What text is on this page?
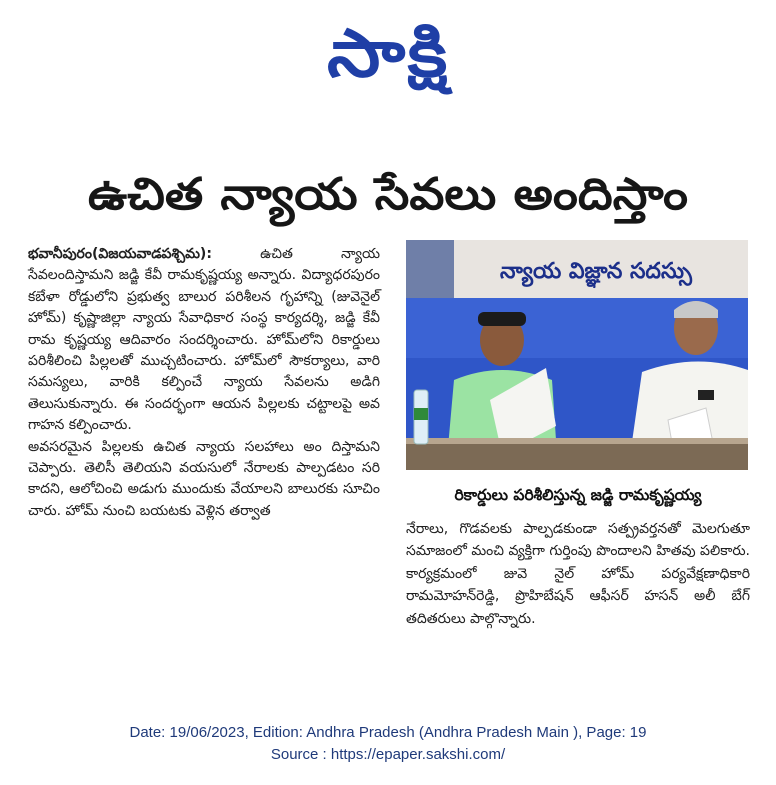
సాక్షి
ఉచిత న్యాయ సేవలు అందిస్తాం

భవానీపురం(విజయవాడపశ్చిమ):	ఉచిత న్యాయ సేవలందిస్తామని జడ్జి కేవీ రామకృష్ణయ్య అన్నారు. విద్యాధరపురం కబేళా రోడ్డులోని ప్రభుత్వ బాలుర పరిశీలన గృహాన్ని (జువెనైల్ హోమ్) కృష్ణాజిల్లా న్యాయ సేవాధికార సంస్థ కార్యదర్శి, జడ్జి కేవీ రామ కృష్ణయ్య ఆదివారం సందర్శించారు. హోమ్‌లోని రికార్డులు పరిశీలించి పిల్లలతో ముచ్చటించారు. హోమ్‌లో సౌకర్యాలు, వారి సమస్యలు, వారికి కల్పించే న్యాయ సేవలను అడిగి తెలుసుకున్నారు. ఈ సందర్భంగా ఆయన పిల్లలకు చట్టాలపై అవ గాహన కల్పించారు.

అవసరమైన పిల్లలకు ఉచిత న్యాయ సలహాలు అం దిస్తామని చెప్పారు. తెలిసీ తెలియని వయసులో నేరాలకు పాల్పడటం సరి కాదని, ఆలోచించి అడుగు ముందుకు వేయాలని బాలురకు సూచిం చారు. హోమ్ నుంచి బయటకు వెళ్లిన తర్వాత

న్యాయ విజ్ఞాన సదస్సు
రికార్డులు పరిశీలిస్తున్న జడ్జి రామకృష్ణయ్య

నేరాలు, గొడవలకు పాల్పడకుండా సత్ప్రవర్తనతో మెలగుతూ సమాజంలో మంచి వ్యక్తిగా గుర్తింపు పొందాలని హితవు పలికారు. కార్యక్రమంలో జువె నైల్ హోమ్ పర్యవేక్షణాధికారి రామమోహన్‌రెడ్డి, ప్రొహిబేషన్ ఆఫీసర్ హసన్ అలీ బేగ్ తదితరులు పాల్గొన్నారు.

Date: 19/06/2023, Edition: Andhra Pradesh (Andhra Pradesh Main ), Page: 19
Source : https://epaper.sakshi.com/
